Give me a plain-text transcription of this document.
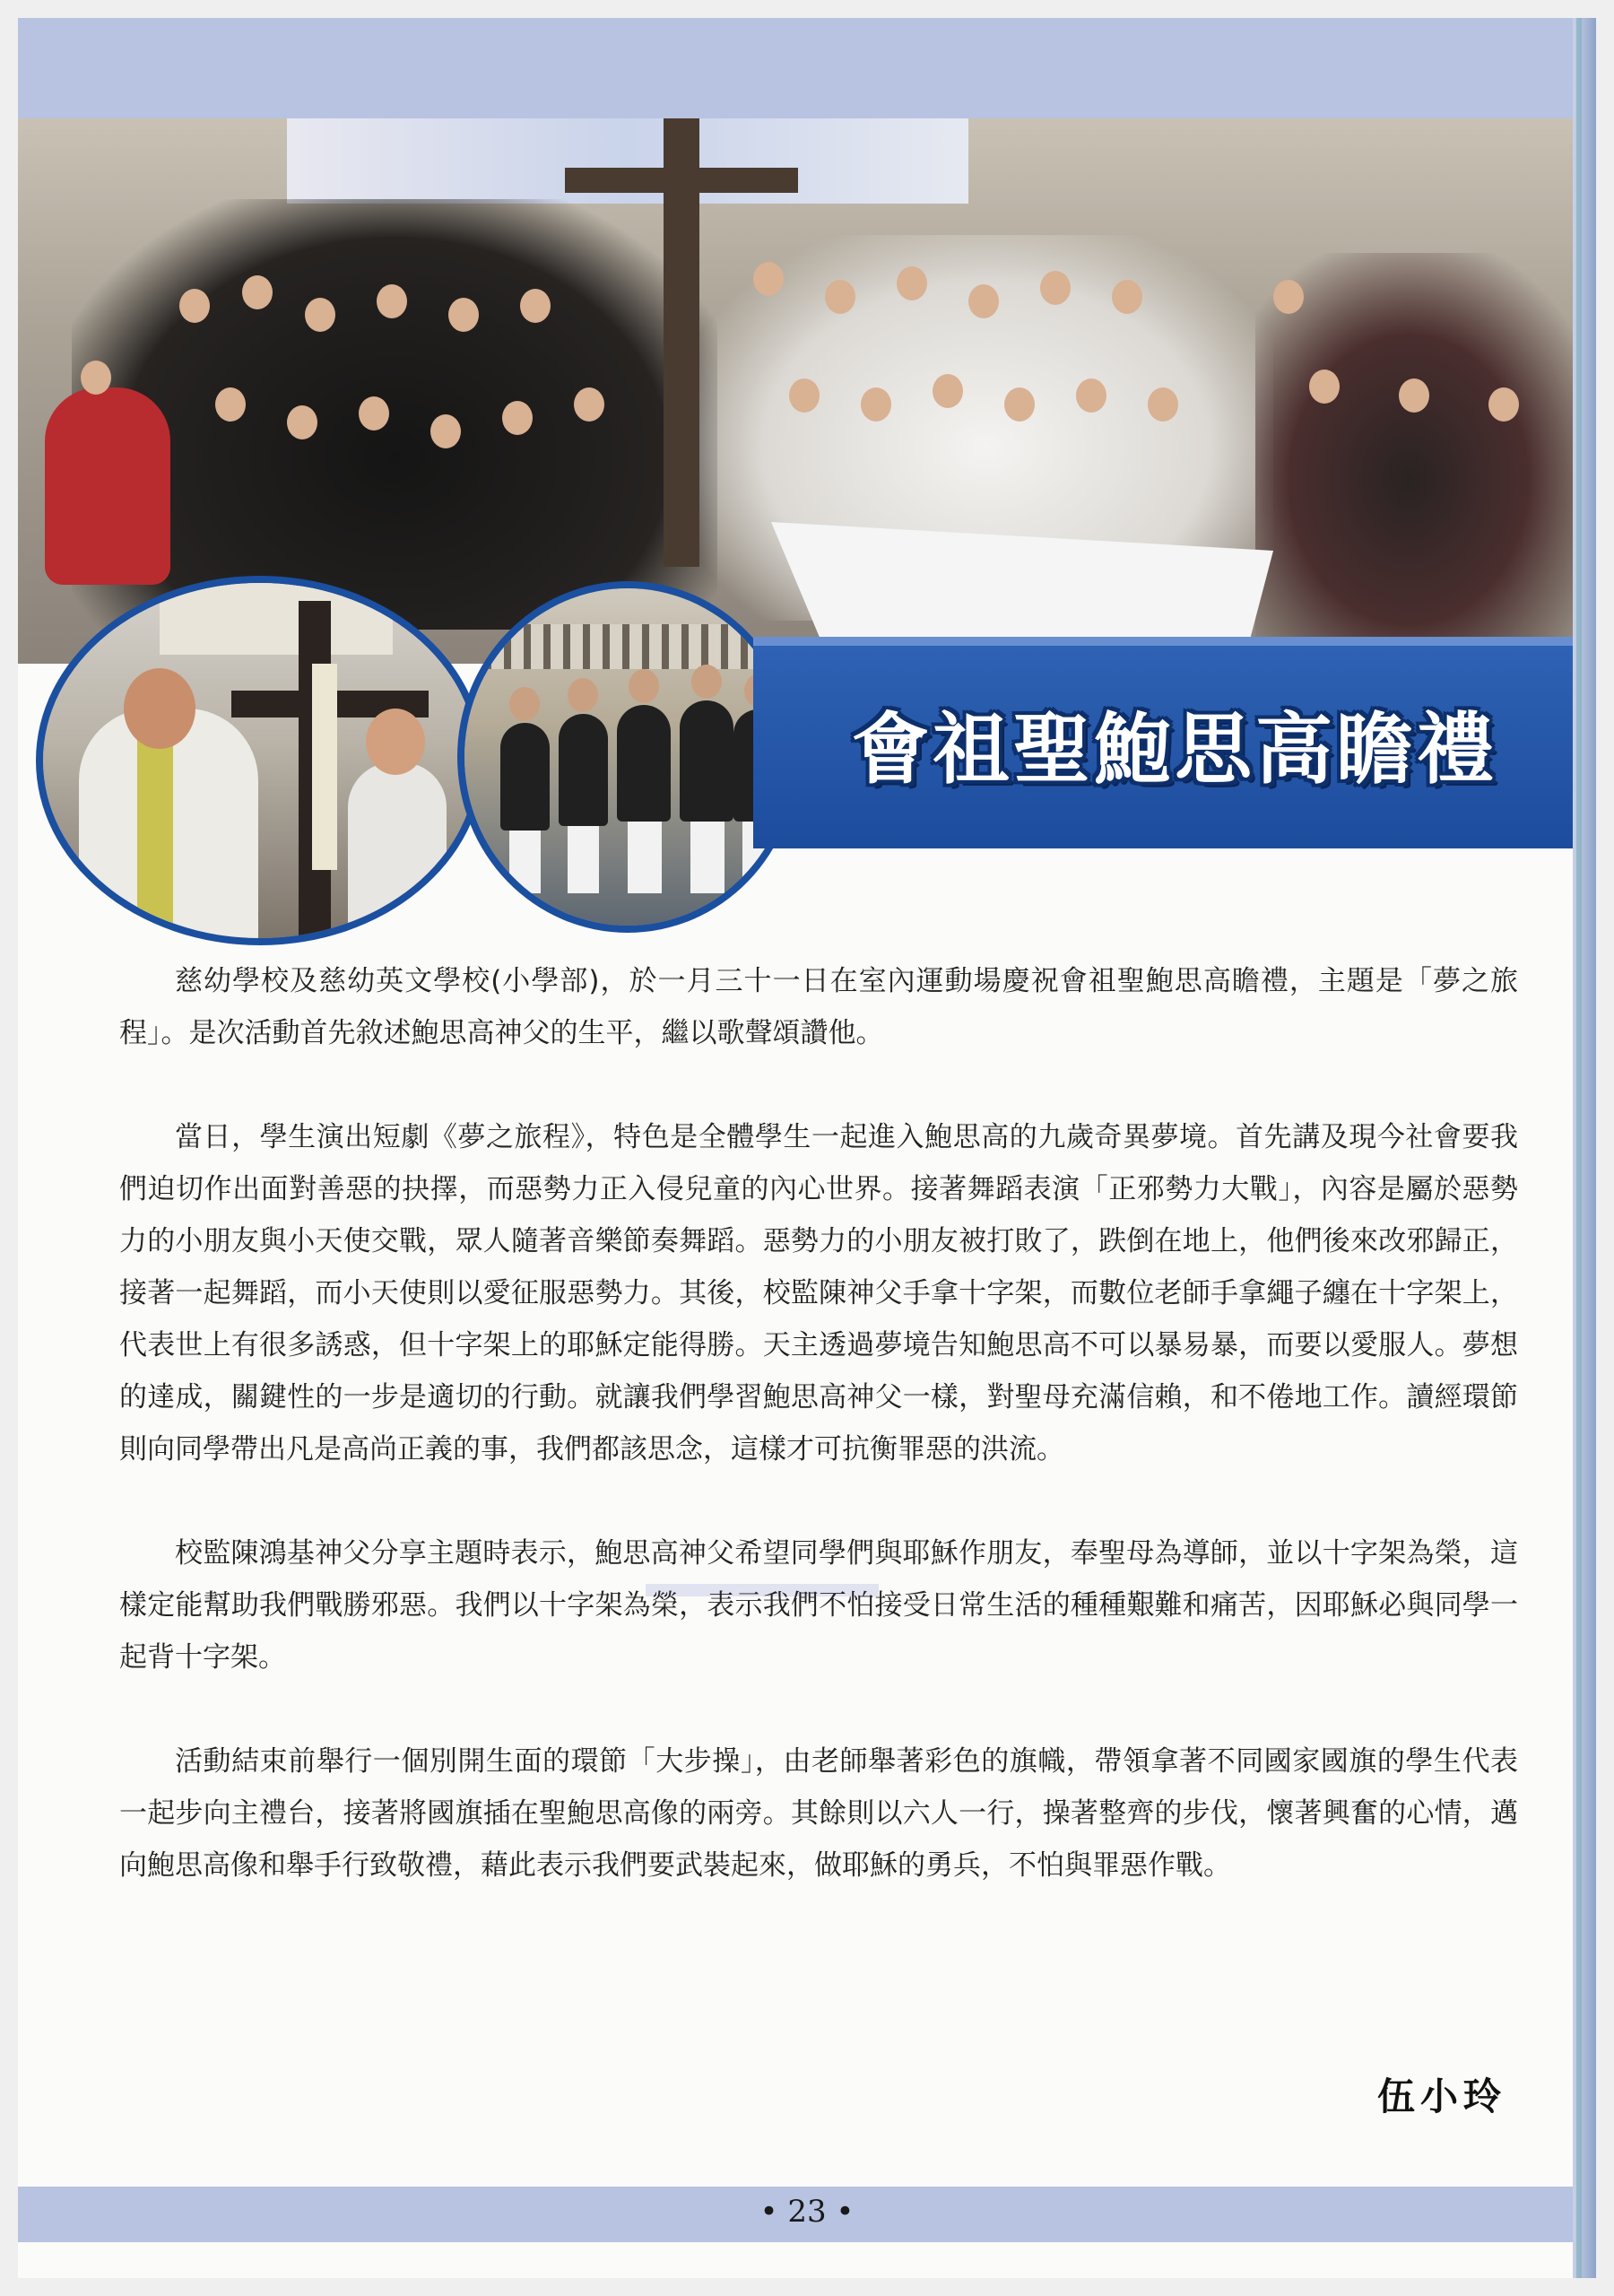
會祖聖鮑思高瞻禮

慈幼學校及慈幼英文學校(小學部)，於一月三十一日在室內運動場慶祝會祖聖鮑思高瞻禮，主題是「夢之旅程」。是次活動首先敘述鮑思高神父的生平，繼以歌聲頌讚他。

當日，學生演出短劇《夢之旅程》，特色是全體學生一起進入鮑思高的九歲奇異夢境。首先講及現今社會要我們迫切作出面對善惡的抉擇，而惡勢力正入侵兒童的內心世界。接著舞蹈表演「正邪勢力大戰」，內容是屬於惡勢力的小朋友與小天使交戰，眾人隨著音樂節奏舞蹈。惡勢力的小朋友被打敗了，跌倒在地上，他們後來改邪歸正，接著一起舞蹈，而小天使則以愛征服惡勢力。其後，校監陳神父手拿十字架，而數位老師手拿繩子纏在十字架上，代表世上有很多誘惑，但十字架上的耶穌定能得勝。天主透過夢境告知鮑思高不可以暴易暴，而要以愛服人。夢想的達成，關鍵性的一步是適切的行動。就讓我們學習鮑思高神父一樣，對聖母充滿信賴，和不倦地工作。讀經環節則向同學帶出凡是高尚正義的事，我們都該思念，這樣才可抗衡罪惡的洪流。

校監陳鴻基神父分享主題時表示，鮑思高神父希望同學們與耶穌作朋友，奉聖母為導師，並以十字架為榮，這樣定能幫助我們戰勝邪惡。我們以十字架為榮，表示我們不怕接受日常生活的種種艱難和痛苦，因耶穌必與同學一起背十字架。

活動結束前舉行一個別開生面的環節「大步操」，由老師舉著彩色的旗幟，帶領拿著不同國家國旗的學生代表一起步向主禮台，接著將國旗插在聖鮑思高像的兩旁。其餘則以六人一行，操著整齊的步伐，懷著興奮的心情，邁向鮑思高像和舉手行致敬禮，藉此表示我們要武裝起來，做耶穌的勇兵，不怕與罪惡作戰。

伍小玲
• 23 •
